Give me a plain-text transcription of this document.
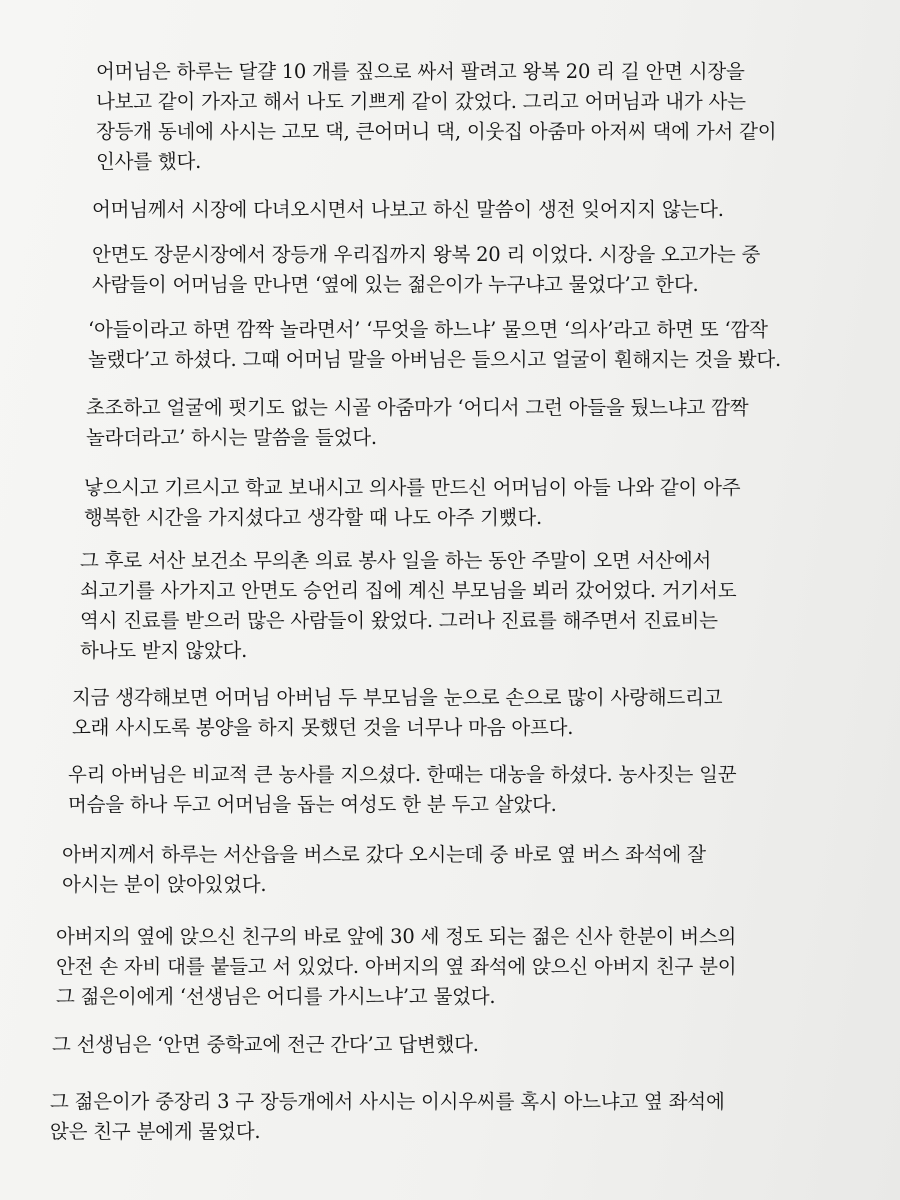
어머님은 하루는 달걀 10 개를 짚으로 싸서 팔려고 왕복 20 리 길 안면 시장을
나보고 같이 가자고 해서 나도 기쁘게 같이 갔었다. 그리고 어머님과 내가 사는
장등개 동네에 사시는 고모 댁, 큰어머니 댁, 이웃집 아줌마 아저씨 댁에 가서 같이
인사를 했다.
어머님께서 시장에 다녀오시면서 나보고 하신 말씀이 생전 잊어지지 않는다.
안면도 장문시장에서 장등개 우리집까지 왕복 20 리 이었다. 시장을 오고가는 중
사람들이 어머님을 만나면 ‘옆에 있는 젊은이가 누구냐고 물었다’고 한다.
‘아들이라고 하면 깜짝 놀라면서’ ‘무엇을 하느냐’ 물으면 ‘의사’라고 하면 또 ‘깜작
놀랬다’고 하셨다. 그때 어머님 말을 아버님은 들으시고 얼굴이 훤해지는 것을 봤다.
초조하고 얼굴에 펏기도 없는 시골 아줌마가 ‘어디서 그런 아들을 뒀느냐고 깜짝
놀라더라고’ 하시는 말씀을 들었다.
낳으시고 기르시고 학교 보내시고 의사를 만드신 어머님이 아들 나와 같이 아주
행복한 시간을 가지셨다고 생각할 때 나도 아주 기뻤다.
그 후로 서산 보건소 무의촌 의료 봉사 일을 하는 동안 주말이 오면 서산에서
쇠고기를 사가지고 안면도 승언리 집에 계신 부모님을 뵈러 갔어었다. 거기서도
역시 진료를 받으러 많은 사람들이 왔었다. 그러나 진료를 해주면서 진료비는
하나도 받지 않았다.
지금 생각해보면 어머님 아버님 두 부모님을 눈으로 손으로 많이 사랑해드리고
오래 사시도록 봉양을 하지 못했던 것을 너무나 마음 아프다.
우리 아버님은 비교적 큰 농사를 지으셨다. 한때는 대농을 하셨다. 농사짓는 일꾼
머슴을 하나 두고 어머님을 돕는 여성도 한 분 두고 살았다.
아버지께서 하루는 서산읍을 버스로 갔다 오시는데 중 바로 옆 버스 좌석에 잘
아시는 분이 앉아있었다.
아버지의 옆에 앉으신 친구의 바로 앞에 30 세 정도 되는 젊은 신사 한분이 버스의
안전 손 자비 대를 붙들고 서 있었다. 아버지의 옆 좌석에 앉으신 아버지 친구 분이
그 젊은이에게 ‘선생님은 어디를 가시느냐’고 물었다.
그 선생님은 ‘안면 중학교에 전근 간다’고 답변했다.
그 젊은이가 중장리 3 구 장등개에서 사시는 이시우씨를 혹시 아느냐고 옆 좌석에
앉은 친구 분에게 물었다.
